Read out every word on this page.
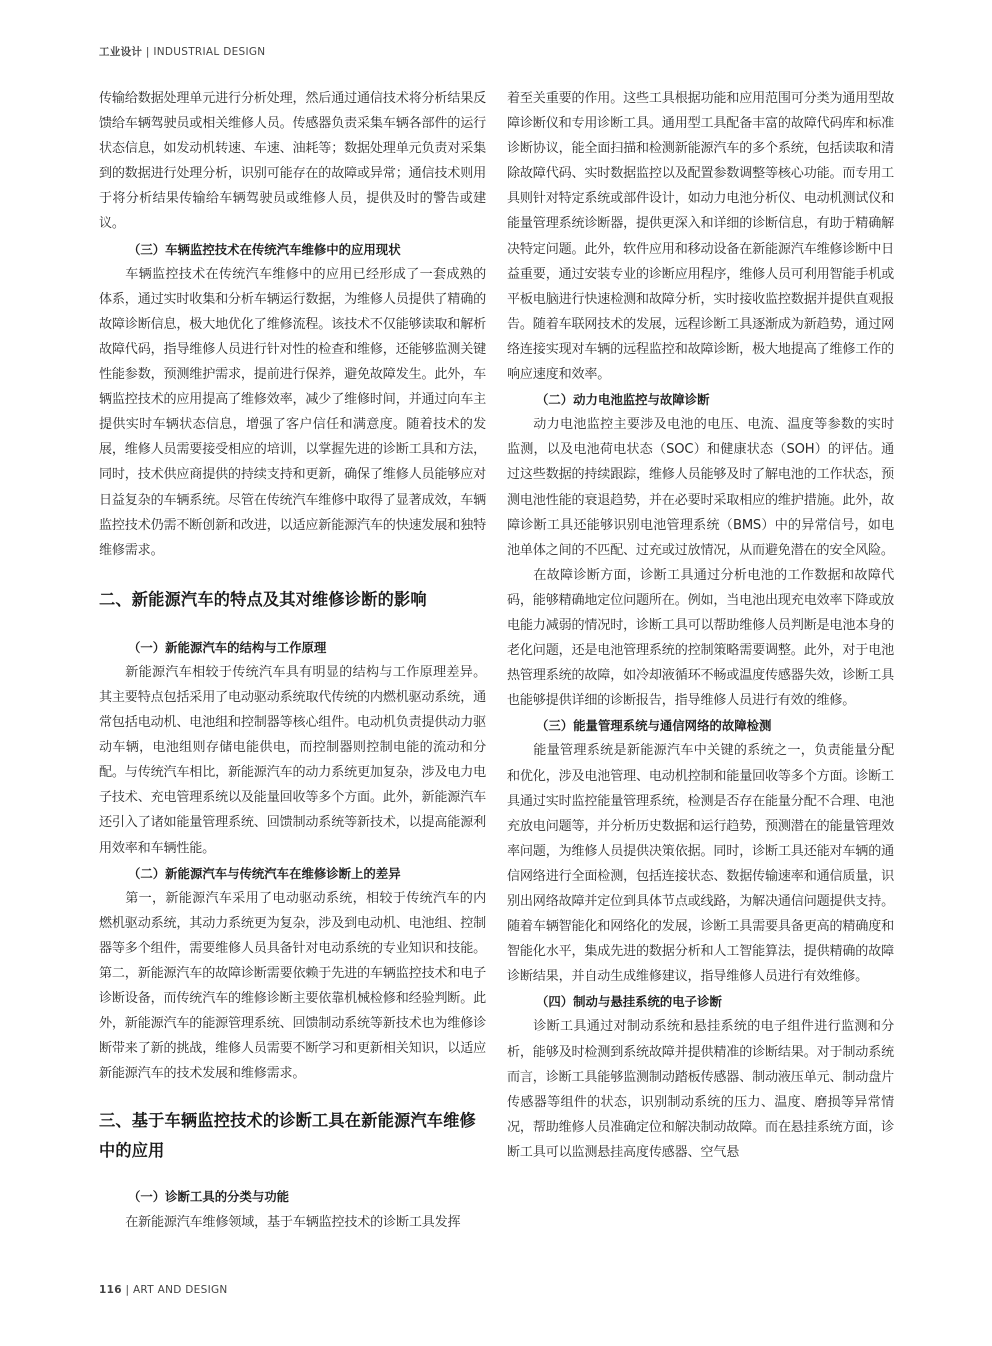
工业设计 | INDUSTRIAL DESIGN

传输给数据处理单元进行分析处理，然后通过通信技术将分析结果反馈给车辆驾驶员或相关维修人员。传感器负责采集车辆各部件的运行状态信息，如发动机转速、车速、油耗等；数据处理单元负责对采集到的数据进行处理分析，识别可能存在的故障或异常；通信技术则用于将分析结果传输给车辆驾驶员或维修人员，提供及时的警告或建议。

（三）车辆监控技术在传统汽车维修中的应用现状

车辆监控技术在传统汽车维修中的应用已经形成了一套成熟的体系，通过实时收集和分析车辆运行数据，为维修人员提供了精确的故障诊断信息，极大地优化了维修流程。该技术不仅能够读取和解析故障代码，指导维修人员进行针对性的检查和维修，还能够监测关键性能参数，预测维护需求，提前进行保养，避免故障发生。此外，车辆监控技术的应用提高了维修效率，减少了维修时间，并通过向车主提供实时车辆状态信息，增强了客户信任和满意度。随着技术的发展，维修人员需要接受相应的培训，以掌握先进的诊断工具和方法，同时，技术供应商提供的持续支持和更新，确保了维修人员能够应对日益复杂的车辆系统。尽管在传统汽车维修中取得了显著成效，车辆监控技术仍需不断创新和改进，以适应新能源汽车的快速发展和独特维修需求。

二、新能源汽车的特点及其对维修诊断的影响

（一）新能源汽车的结构与工作原理

新能源汽车相较于传统汽车具有明显的结构与工作原理差异。其主要特点包括采用了电动驱动系统取代传统的内燃机驱动系统，通常包括电动机、电池组和控制器等核心组件。电动机负责提供动力驱动车辆，电池组则存储电能供电，而控制器则控制电能的流动和分配。与传统汽车相比，新能源汽车的动力系统更加复杂，涉及电力电子技术、充电管理系统以及能量回收等多个方面。此外，新能源汽车还引入了诸如能量管理系统、回馈制动系统等新技术，以提高能源利用效率和车辆性能。

（二）新能源汽车与传统汽车在维修诊断上的差异

第一，新能源汽车采用了电动驱动系统，相较于传统汽车的内燃机驱动系统，其动力系统更为复杂，涉及到电动机、电池组、控制器等多个组件，需要维修人员具备针对电动系统的专业知识和技能。第二，新能源汽车的故障诊断需要依赖于先进的车辆监控技术和电子诊断设备，而传统汽车的维修诊断主要依靠机械检修和经验判断。此外，新能源汽车的能源管理系统、回馈制动系统等新技术也为维修诊断带来了新的挑战，维修人员需要不断学习和更新相关知识，以适应新能源汽车的技术发展和维修需求。

三、基于车辆监控技术的诊断工具在新能源汽车维修中的应用

（一）诊断工具的分类与功能

在新能源汽车维修领域，基于车辆监控技术的诊断工具发挥

着至关重要的作用。这些工具根据功能和应用范围可分类为通用型故障诊断仪和专用诊断工具。通用型工具配备丰富的故障代码库和标准诊断协议，能全面扫描和检测新能源汽车的多个系统，包括读取和清除故障代码、实时数据监控以及配置参数调整等核心功能。而专用工具则针对特定系统或部件设计，如动力电池分析仪、电动机测试仪和能量管理系统诊断器，提供更深入和详细的诊断信息，有助于精确解决特定问题。此外，软件应用和移动设备在新能源汽车维修诊断中日益重要，通过安装专业的诊断应用程序，维修人员可利用智能手机或平板电脑进行快速检测和故障分析，实时接收监控数据并提供直观报告。随着车联网技术的发展，远程诊断工具逐渐成为新趋势，通过网络连接实现对车辆的远程监控和故障诊断，极大地提高了维修工作的响应速度和效率。

（二）动力电池监控与故障诊断

动力电池监控主要涉及电池的电压、电流、温度等参数的实时监测，以及电池荷电状态（SOC）和健康状态（SOH）的评估。通过这些数据的持续跟踪，维修人员能够及时了解电池的工作状态，预测电池性能的衰退趋势，并在必要时采取相应的维护措施。此外，故障诊断工具还能够识别电池管理系统（BMS）中的异常信号，如电池单体之间的不匹配、过充或过放情况，从而避免潜在的安全风险。

在故障诊断方面，诊断工具通过分析电池的工作数据和故障代码，能够精确地定位问题所在。例如，当电池出现充电效率下降或放电能力减弱的情况时，诊断工具可以帮助维修人员判断是电池本身的老化问题，还是电池管理系统的控制策略需要调整。此外，对于电池热管理系统的故障，如冷却液循环不畅或温度传感器失效，诊断工具也能够提供详细的诊断报告，指导维修人员进行有效的维修。

（三）能量管理系统与通信网络的故障检测

能量管理系统是新能源汽车中关键的系统之一，负责能量分配和优化，涉及电池管理、电动机控制和能量回收等多个方面。诊断工具通过实时监控能量管理系统，检测是否存在能量分配不合理、电池充放电问题等，并分析历史数据和运行趋势，预测潜在的能量管理效率问题，为维修人员提供决策依据。同时，诊断工具还能对车辆的通信网络进行全面检测，包括连接状态、数据传输速率和通信质量，识别出网络故障并定位到具体节点或线路，为解决通信问题提供支持。随着车辆智能化和网络化的发展，诊断工具需要具备更高的精确度和智能化水平，集成先进的数据分析和人工智能算法，提供精确的故障诊断结果，并自动生成维修建议，指导维修人员进行有效维修。

（四）制动与悬挂系统的电子诊断

诊断工具通过对制动系统和悬挂系统的电子组件进行监测和分析，能够及时检测到系统故障并提供精准的诊断结果。对于制动系统而言，诊断工具能够监测制动踏板传感器、制动液压单元、制动盘片传感器等组件的状态，识别制动系统的压力、温度、磨损等异常情况，帮助维修人员准确定位和解决制动故障。而在悬挂系统方面，诊断工具可以监测悬挂高度传感器、空气悬

116 | ART AND DESIGN
